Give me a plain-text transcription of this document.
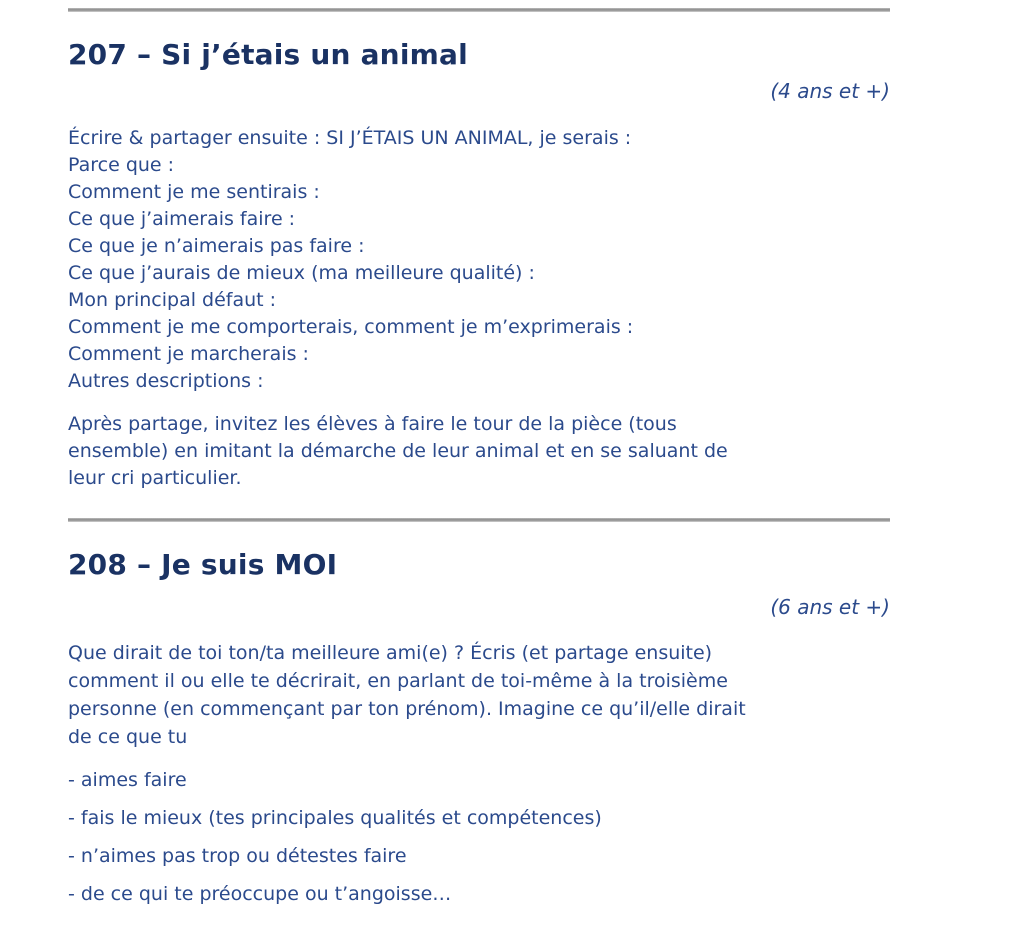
207 – Si j’étais un animal
(4 ans et +)
Écrire & partager ensuite : SI J’ÉTAIS UN ANIMAL, je serais :
Parce que :
Comment je me sentirais :
Ce que j’aimerais faire :
Ce que je n’aimerais pas faire :
Ce que j’aurais de mieux (ma meilleure qualité) :
Mon principal défaut :
Comment je me comporterais, comment je m’exprimerais :
Comment je marcherais :
Autres descriptions :
Après partage, invitez les élèves à faire le tour de la pièce (tous
ensemble) en imitant la démarche de leur animal et en se saluant de
leur cri particulier.
208 – Je suis MOI
(6 ans et +)
Que dirait de toi ton/ta meilleure ami(e) ? Écris (et partage ensuite)
comment il ou elle te décrirait, en parlant de toi-même à la troisième
personne (en commençant par ton prénom). Imagine ce qu’il/elle dirait
de ce que tu
- aimes faire
- fais le mieux (tes principales qualités et compétences)
- n’aimes pas trop ou détestes faire
- de ce qui te préoccupe ou t’angoisse…
